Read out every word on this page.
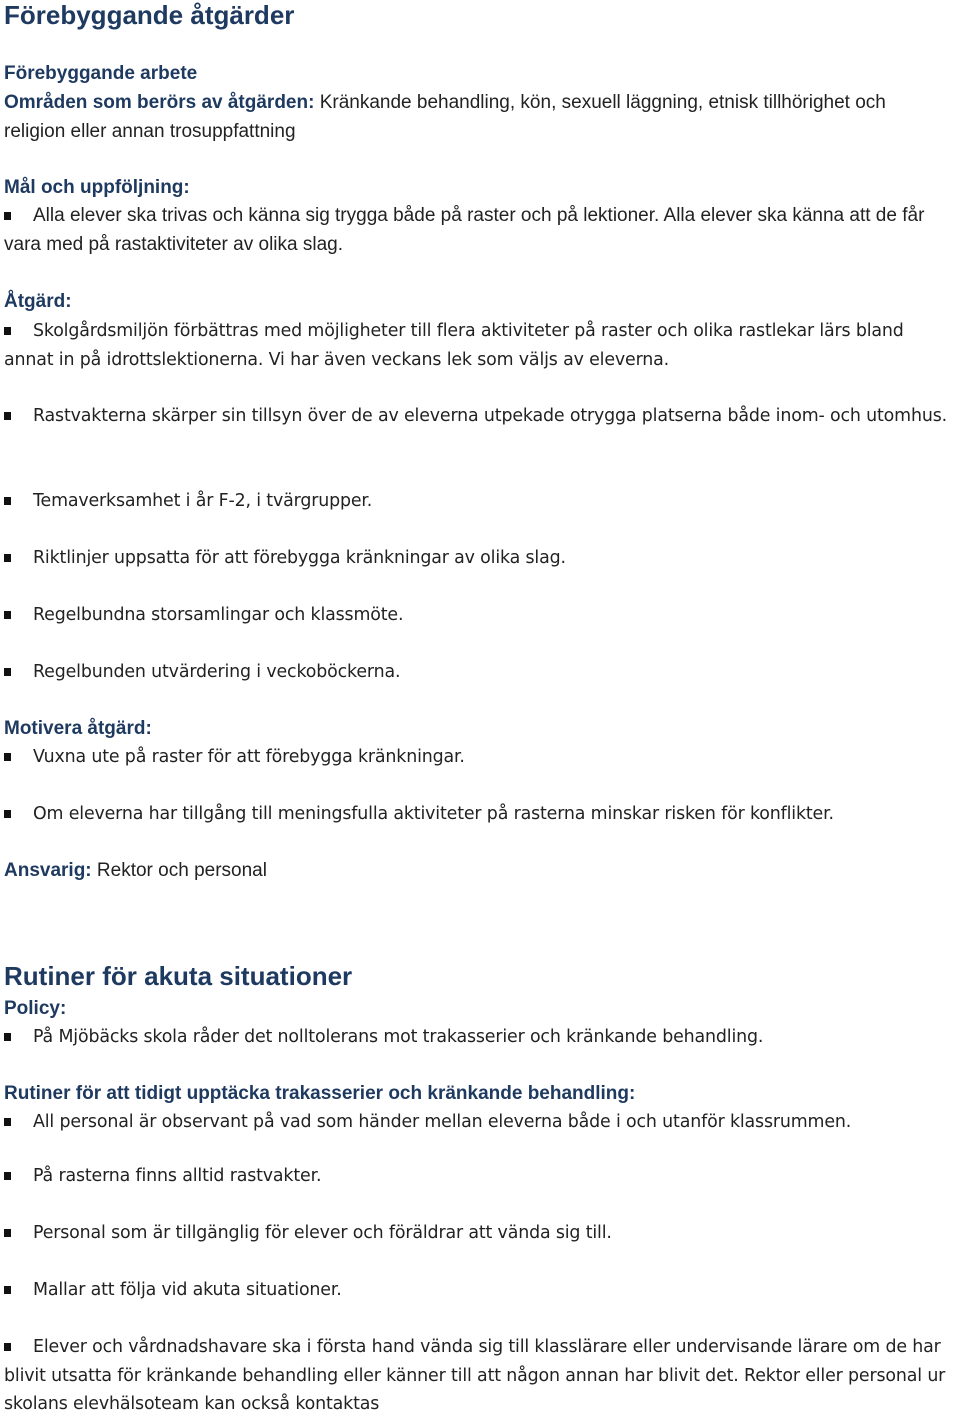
Förebyggande åtgärder
Förebyggande arbete

Områden som berörs av åtgärden: Kränkande behandling, kön, sexuell läggning, etnisk tillhörighet och religion eller annan trosuppfattning

Mål och uppföljning:

Alla elever ska trivas och känna sig trygga både på raster och på lektioner. Alla elever ska känna att de får vara med på rastaktiviteter av olika slag.

Åtgärd:

Skolgårdsmiljön förbättras med möjligheter till flera aktiviteter på raster och olika rastlekar lärs bland annat in på idrottslektionerna. Vi har även veckans lek som väljs av eleverna.

Rastvakterna skärper sin tillsyn över de av eleverna utpekade otrygga platserna både inom- och utomhus.

Temaverksamhet i år F-2, i tvärgrupper.

Riktlinjer uppsatta för att förebygga kränkningar av olika slag.

Regelbundna storsamlingar och klassmöte.

Regelbunden utvärdering i veckoböckerna.

Motivera åtgärd:

Vuxna ute på raster för att förebygga kränkningar.

Om eleverna har tillgång till meningsfulla aktiviteter på rasterna minskar risken för konflikter.

Ansvarig: Rektor och personal

Rutiner för akuta situationer
Policy:

På Mjöbäcks skola råder det nolltolerans mot trakasserier och kränkande behandling.

Rutiner för att tidigt upptäcka trakasserier och kränkande behandling:

All personal är observant på vad som händer mellan eleverna både i och utanför klassrummen.

På rasterna finns alltid rastvakter.

Personal som är tillgänglig för elever och föräldrar att vända sig till.

Mallar att följa vid akuta situationer.

Elever och vårdnadshavare ska i första hand vända sig till klasslärare eller undervisande lärare om de har blivit utsatta för kränkande behandling eller känner till att någon annan har blivit det. Rektor eller personal ur skolans elevhälsoteam kan också kontaktas
